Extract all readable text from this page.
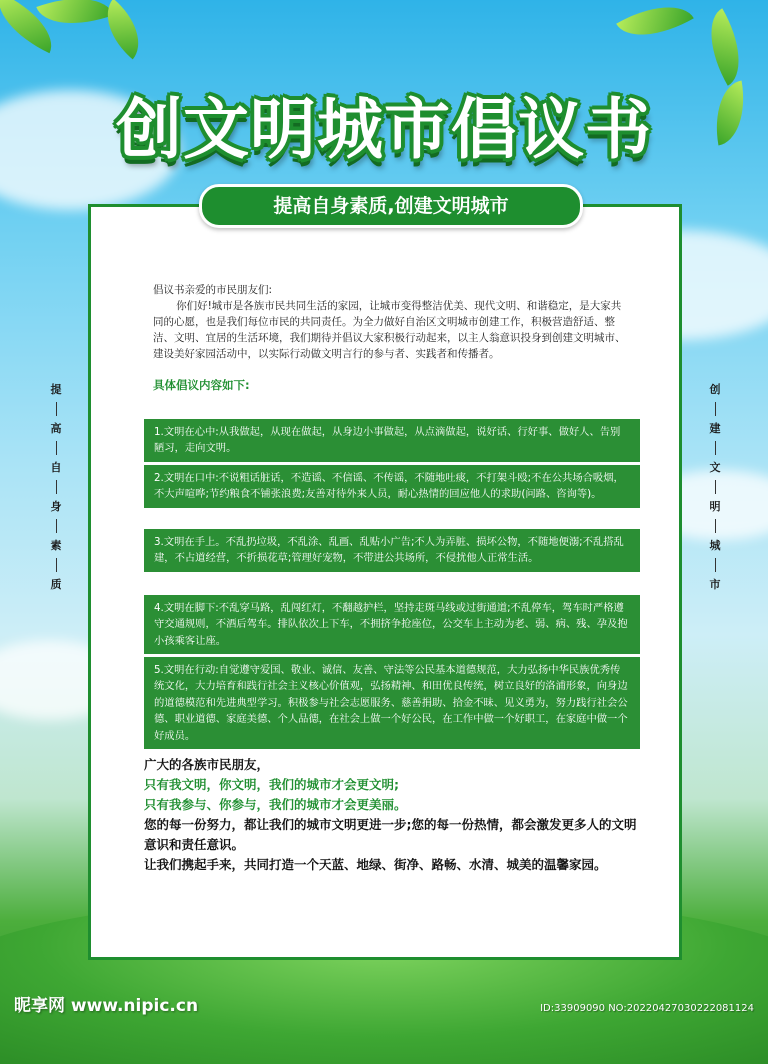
创文明城市倡议书
提高自身素质,创建文明城市
提
高
自
身
素
质
创
建
文
明
城
市

倡议书亲爱的市民朋友们:

你们好!城市是各族市民共同生活的家园，让城市变得整洁优美、现代文明、和谐稳定，是大家共同的心愿，也是我们每位市民的共同责任。为全力做好自治区文明城市创建工作，积极营造舒适、整洁、文明、宜居的生活环境，我们期待并倡议大家积极行动起来，以主人翁意识投身到创建文明城市、建设美好家园活动中，以实际行动做文明言行的参与者、实践者和传播者。

具体倡议内容如下:
1.文明在心中:从我做起，从现在做起，从身边小事做起，从点滴做起，说好话、行好事、做好人、告别陋习，走向文明。
2.文明在口中:不说粗话脏话，不造谣、不信谣、不传谣，不随地吐痰，不打架斗殴;不在公共场合吸烟，不大声喧哗;节约粮食不铺张浪费;友善对待外来人员，耐心热情的回应他人的求助(问路、咨询等)。
3.文明在手上。不乱扔垃圾，不乱涂、乱画、乱贴小广告;不人为弄脏、损坏公物，不随地便溺;不乱搭乱建，不占道经营，不折损花草;管理好宠物，不带进公共场所，不侵扰他人正常生活。
4.文明在脚下:不乱穿马路，乱闯红灯，不翻越护栏，坚持走斑马线或过街通道;不乱停车，驾车时严格遵守交通规则，不酒后驾车。排队依次上下车，不拥挤争抢座位，公交车上主动为老、弱、病、残、孕及抱小孩乘客让座。
5.文明在行动:自觉遵守爱国、敬业、诚信、友善、守法等公民基本道德规范，大力弘扬中华民族优秀传统文化，大力培育和践行社会主义核心价值观，弘扬精神、和田优良传统，树立良好的洛浦形象，向身边的道德模范和先进典型学习。积极参与社会志愿服务、慈善捐助、拾金不昧、见义勇为，努力践行社会公德、职业道德、家庭美德、个人品德，在社会上做一个好公民，在工作中做一个好职工，在家庭中做一个好成员。

广大的各族市民朋友，

只有我文明，你文明，我们的城市才会更文明;

只有我参与、你参与，我们的城市才会更美丽。

您的每一份努力，都让我们的城市文明更进一步;您的每一份热情，都会激发更多人的文明意识和责任意识。

让我们携起手来，共同打造一个天蓝、地绿、街净、路畅、水清、城美的温馨家园。

昵享网 www.nipic.cn	ID:33909090 NO:20220427030222081124
